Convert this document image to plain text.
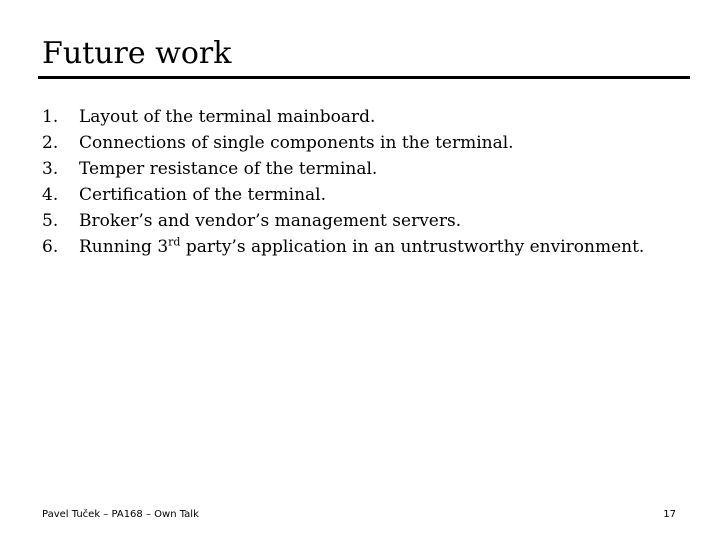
Future work
1.	Layout of the terminal mainboard.
2.	Connections of single components in the terminal.
3.	Temper resistance of the terminal.
4.	Certification of the terminal.
5.	Broker’s and vendor’s management servers.
6.	Running 3rd party’s application in an untrustworthy environment.
Pavel Tuček – PA168 – Own Talk	17
